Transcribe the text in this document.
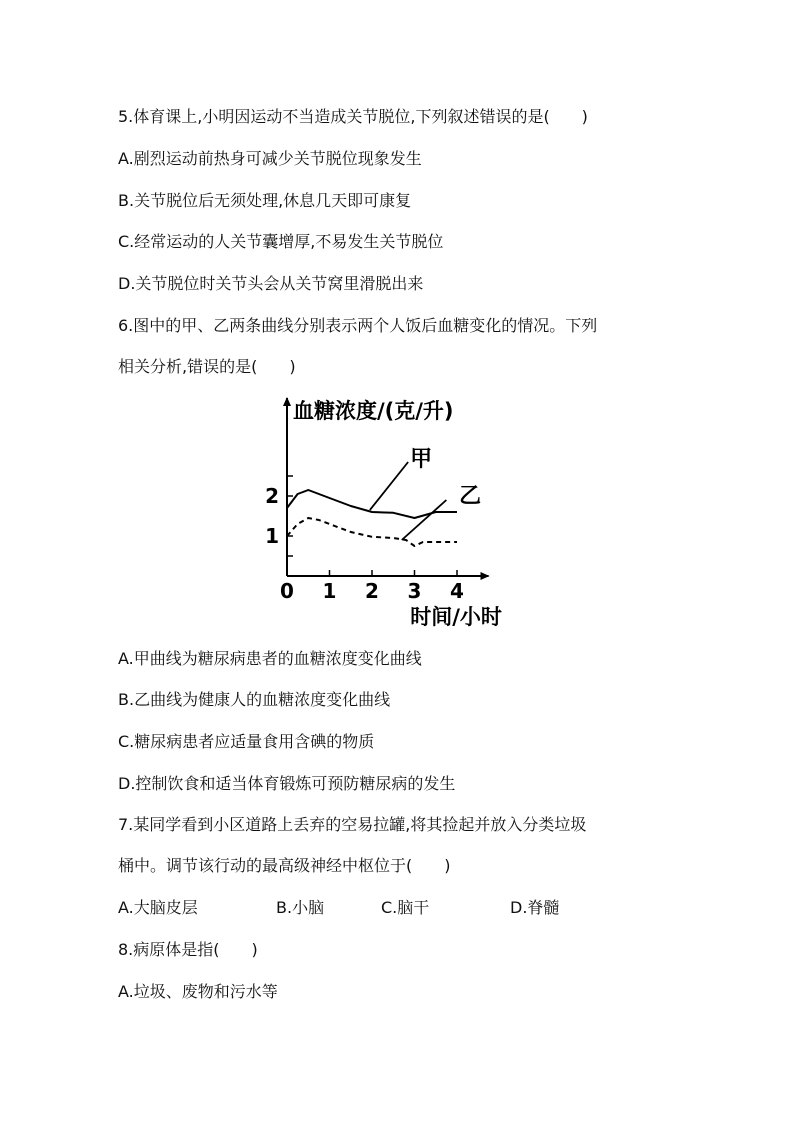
5.体育课上,小明因运动不当造成关节脱位,下列叙述错误的是(　　)
A.剧烈运动前热身可减少关节脱位现象发生
B.关节脱位后无须处理,休息几天即可康复
C.经常运动的人关节囊增厚,不易发生关节脱位
D.关节脱位时关节头会从关节窝里滑脱出来
6.图中的甲、乙两条曲线分别表示两个人饭后血糖变化的情况。下列
相关分析,错误的是(　　)
0 1 2 3 4
1
2
血糖浓度/(克/升)
时间/小时
甲
乙
A.甲曲线为糖尿病患者的血糖浓度变化曲线
B.乙曲线为健康人的血糖浓度变化曲线
C.糖尿病患者应适量食用含碘的物质
D.控制饮食和适当体育锻炼可预防糖尿病的发生
7.某同学看到小区道路上丢弃的空易拉罐,将其捡起并放入分类垃圾
桶中。调节该行动的最高级神经中枢位于(　　)
A.大脑皮层	B.小脑	C.脑干	D.脊髓
8.病原体是指(　　)
A.垃圾、废物和污水等
